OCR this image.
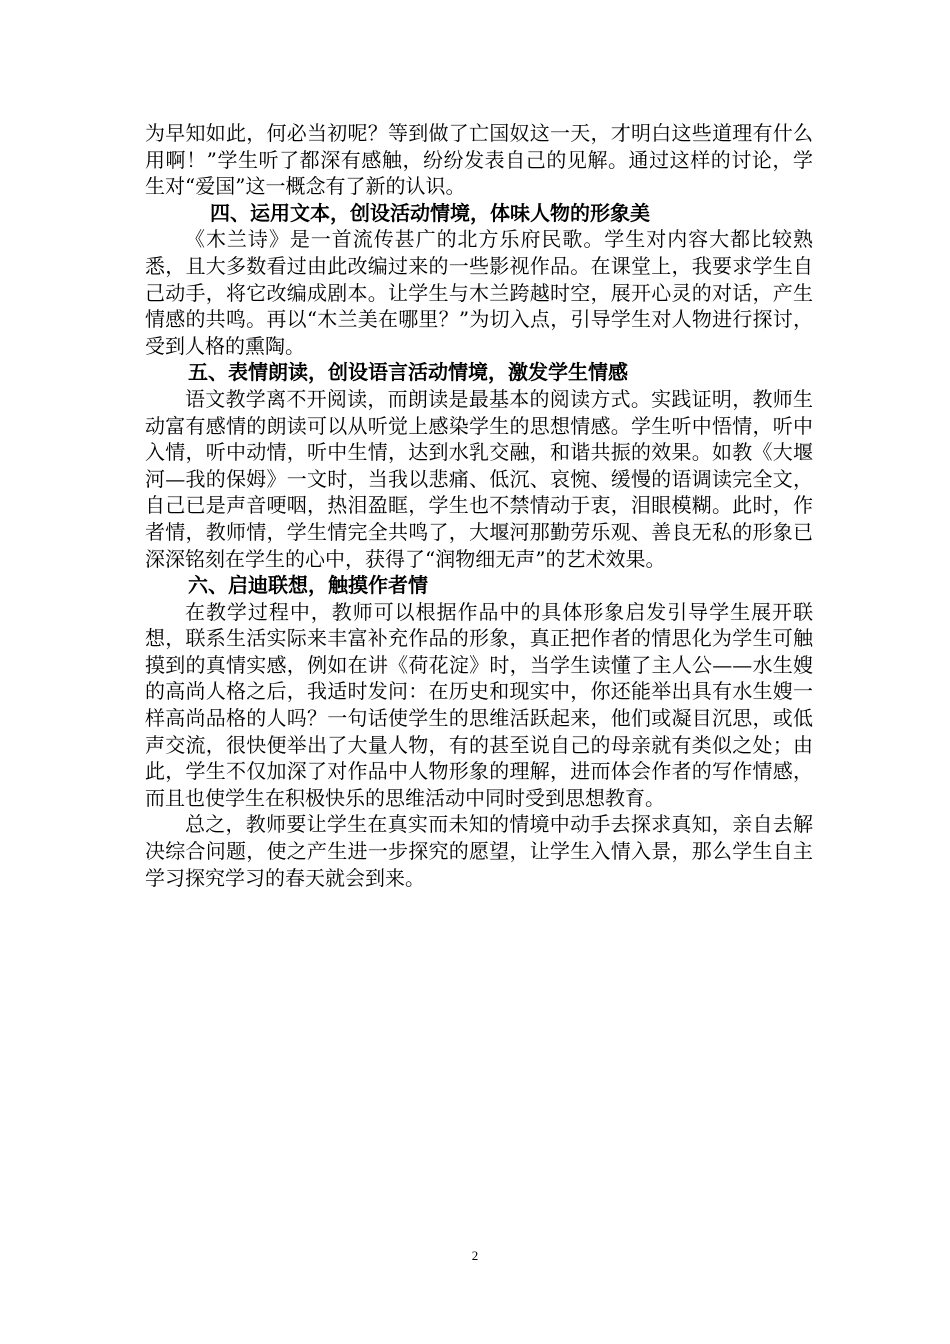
为早知如此，何必当初呢？等到做了亡国奴这一天，才明白这些道理有什么用啊！”学生听了都深有感触，纷纷发表自己的见解。通过这样的讨论，学生对“爱国”这一概念有了新的认识。

四、运用文本，创设活动情境，体味人物的形象美

《木兰诗》是一首流传甚广的北方乐府民歌。学生对内容大都比较熟悉，且大多数看过由此改编过来的一些影视作品。在课堂上，我要求学生自己动手，将它改编成剧本。让学生与木兰跨越时空，展开心灵的对话，产生情感的共鸣。再以“木兰美在哪里？”为切入点，引导学生对人物进行探讨，受到人格的熏陶。

五、表情朗读，创设语言活动情境，激发学生情感

语文教学离不开阅读，而朗读是最基本的阅读方式。实践证明，教师生动富有感情的朗读可以从听觉上感染学生的思想情感。学生听中悟情，听中入情，听中动情，听中生情，达到水乳交融，和谐共振的效果。如教《大堰河—我的保姆》一文时，当我以悲痛、低沉、哀惋、缓慢的语调读完全文，自己已是声音哽咽，热泪盈眶，学生也不禁情动于衷，泪眼模糊。此时，作者情，教师情，学生情完全共鸣了，大堰河那勤劳乐观、善良无私的形象已深深铭刻在学生的心中，获得了“润物细无声”的艺术效果。

六、启迪联想，触摸作者情

在教学过程中，教师可以根据作品中的具体形象启发引导学生展开联想，联系生活实际来丰富补充作品的形象，真正把作者的情思化为学生可触摸到的真情实感，例如在讲《荷花淀》时，当学生读懂了主人公——水生嫂的高尚人格之后，我适时发问：在历史和现实中，你还能举出具有水生嫂一样高尚品格的人吗？一句话使学生的思维活跃起来，他们或凝目沉思，或低声交流，很快便举出了大量人物，有的甚至说自己的母亲就有类似之处；由此，学生不仅加深了对作品中人物形象的理解，进而体会作者的写作情感，而且也使学生在积极快乐的思维活动中同时受到思想教育。

总之，教师要让学生在真实而未知的情境中动手去探求真知，亲自去解决综合问题，使之产生进一步探究的愿望，让学生入情入景，那么学生自主学习探究学习的春天就会到来。

2
